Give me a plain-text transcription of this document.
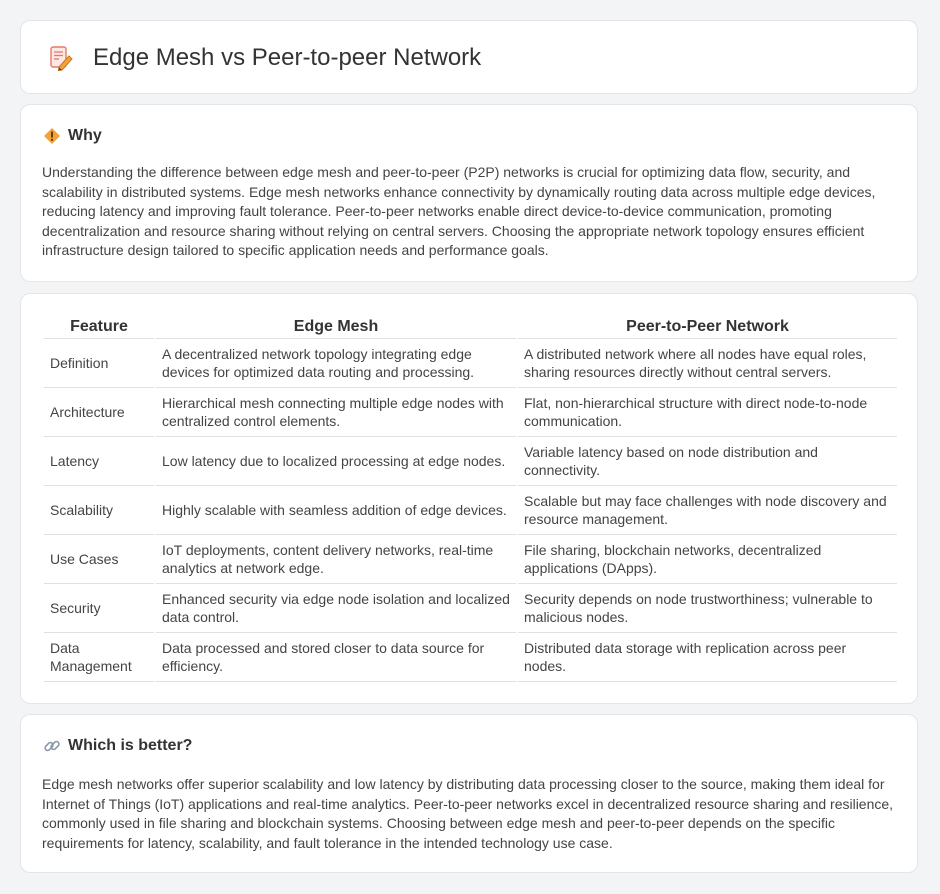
Edge Mesh vs Peer-to-peer Network
Why
Understanding the difference between edge mesh and peer-to-peer (P2P) networks is crucial for optimizing data flow, security, and scalability in distributed systems. Edge mesh networks enhance connectivity by dynamically routing data across multiple edge devices, reducing latency and improving fault tolerance. Peer-to-peer networks enable direct device-to-device communication, promoting decentralization and resource sharing without relying on central servers. Choosing the appropriate network topology ensures efficient infrastructure design tailored to specific application needs and performance goals.
Feature	Edge Mesh	Peer-to-Peer Network
Definition	A decentralized network topology integrating edge devices for optimized data routing and processing.	A distributed network where all nodes have equal roles, sharing resources directly without central servers.
Architecture	Hierarchical mesh connecting multiple edge nodes with centralized control elements.	Flat, non-hierarchical structure with direct node-to-node communication.
Latency	Low latency due to localized processing at edge nodes.	Variable latency based on node distribution and connectivity.
Scalability	Highly scalable with seamless addition of edge devices.	Scalable but may face challenges with node discovery and resource management.
Use Cases	IoT deployments, content delivery networks, real-time analytics at network edge.	File sharing, blockchain networks, decentralized applications (DApps).
Security	Enhanced security via edge node isolation and localized data control.	Security depends on node trustworthiness; vulnerable to malicious nodes.
Data Management	Data processed and stored closer to data source for efficiency.	Distributed data storage with replication across peer nodes.
Which is better?
Edge mesh networks offer superior scalability and low latency by distributing data processing closer to the source, making them ideal for Internet of Things (IoT) applications and real-time analytics. Peer-to-peer networks excel in decentralized resource sharing and resilience, commonly used in file sharing and blockchain systems. Choosing between edge mesh and peer-to-peer depends on the specific requirements for latency, scalability, and fault tolerance in the intended technology use case.
